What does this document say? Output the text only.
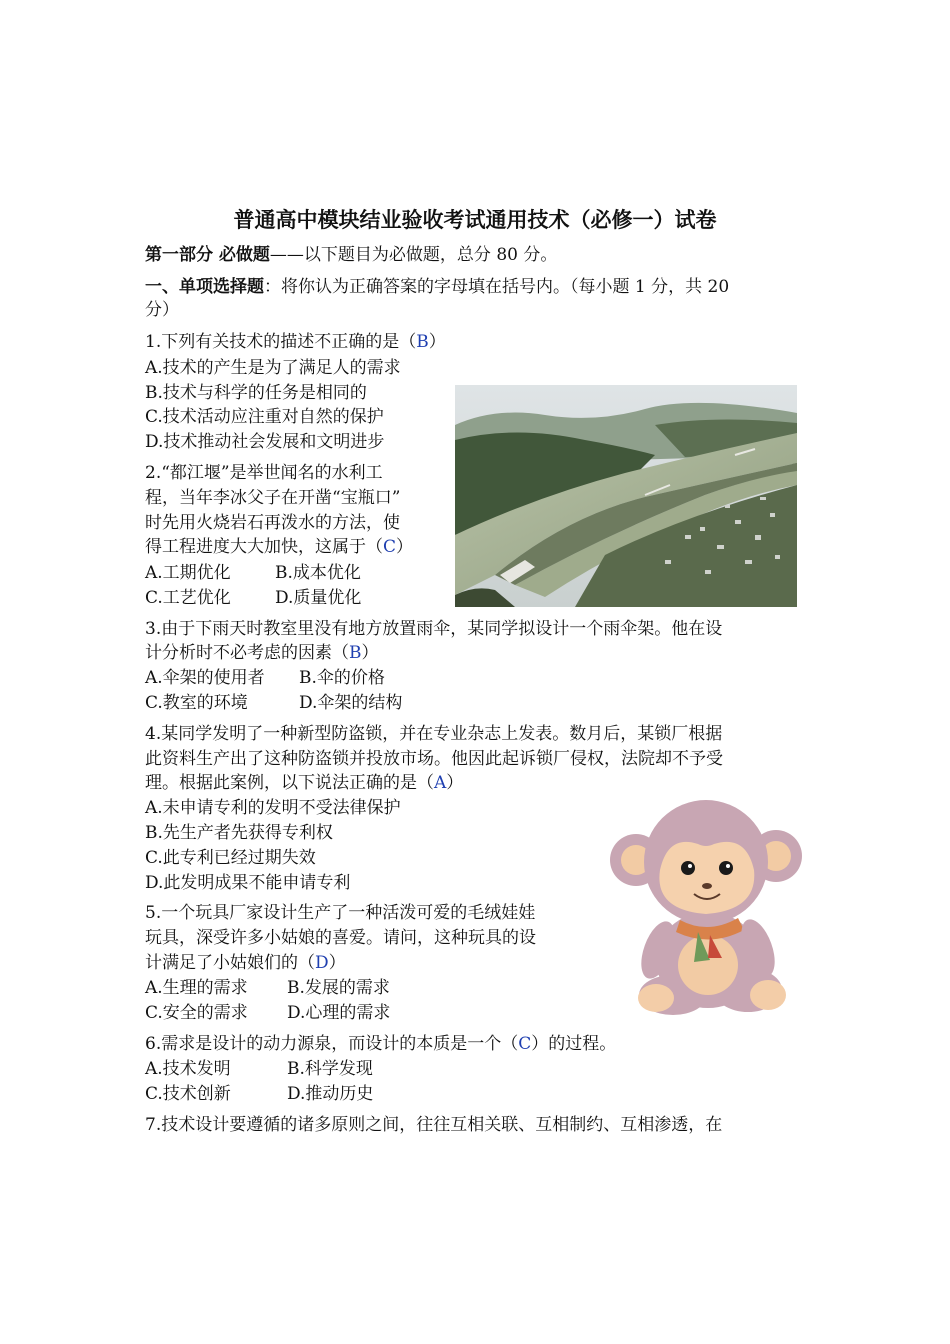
普通高中模块结业验收考试通用技术（必修一）试卷
第一部分 必做题——以下题目为必做题，总分 80 分。
一、单项选择题：将你认为正确答案的字母填在括号内。（每小题 1 分，共 20
分）
1.下列有关技术的描述不正确的是（B）
A.技术的产生是为了满足人的需求
B.技术与科学的任务是相同的
C.技术活动应注重对自然的保护
D.技术推动社会发展和文明进步
2.“都江堰”是举世闻名的水利工
程，当年李冰父子在开凿“宝瓶口”
时先用火烧岩石再泼水的方法，使
得工程进度大大加快，这属于（C）
A.工期优化	B.成本优化
C.工艺优化	D.质量优化
3.由于下雨天时教室里没有地方放置雨伞，某同学拟设计一个雨伞架。他在设
计分析时不必考虑的因素（B）
A.伞架的使用者 B.伞的价格
C.教室的环境	D.伞架的结构
4.某同学发明了一种新型防盗锁，并在专业杂志上发表。数月后，某锁厂根据
此资料生产出了这种防盗锁并投放市场。他因此起诉锁厂侵权，法院却不予受
理。根据此案例，以下说法正确的是（A）
A.未申请专利的发明不受法律保护
B.先生产者先获得专利权
C.此专利已经过期失效
D.此发明成果不能申请专利
5.一个玩具厂家设计生产了一种活泼可爱的毛绒娃娃
玩具，深受许多小姑娘的喜爱。请问，这种玩具的设
计满足了小姑娘们的（D）
A.生理的需求 B.发展的需求
C.安全的需求 D.心理的需求
6.需求是设计的动力源泉，而设计的本质是一个（C）的过程。
A.技术发明	B.科学发现
C.技术创新	D.推动历史
7.技术设计要遵循的诸多原则之间，往往互相关联、互相制约、互相渗透，在
